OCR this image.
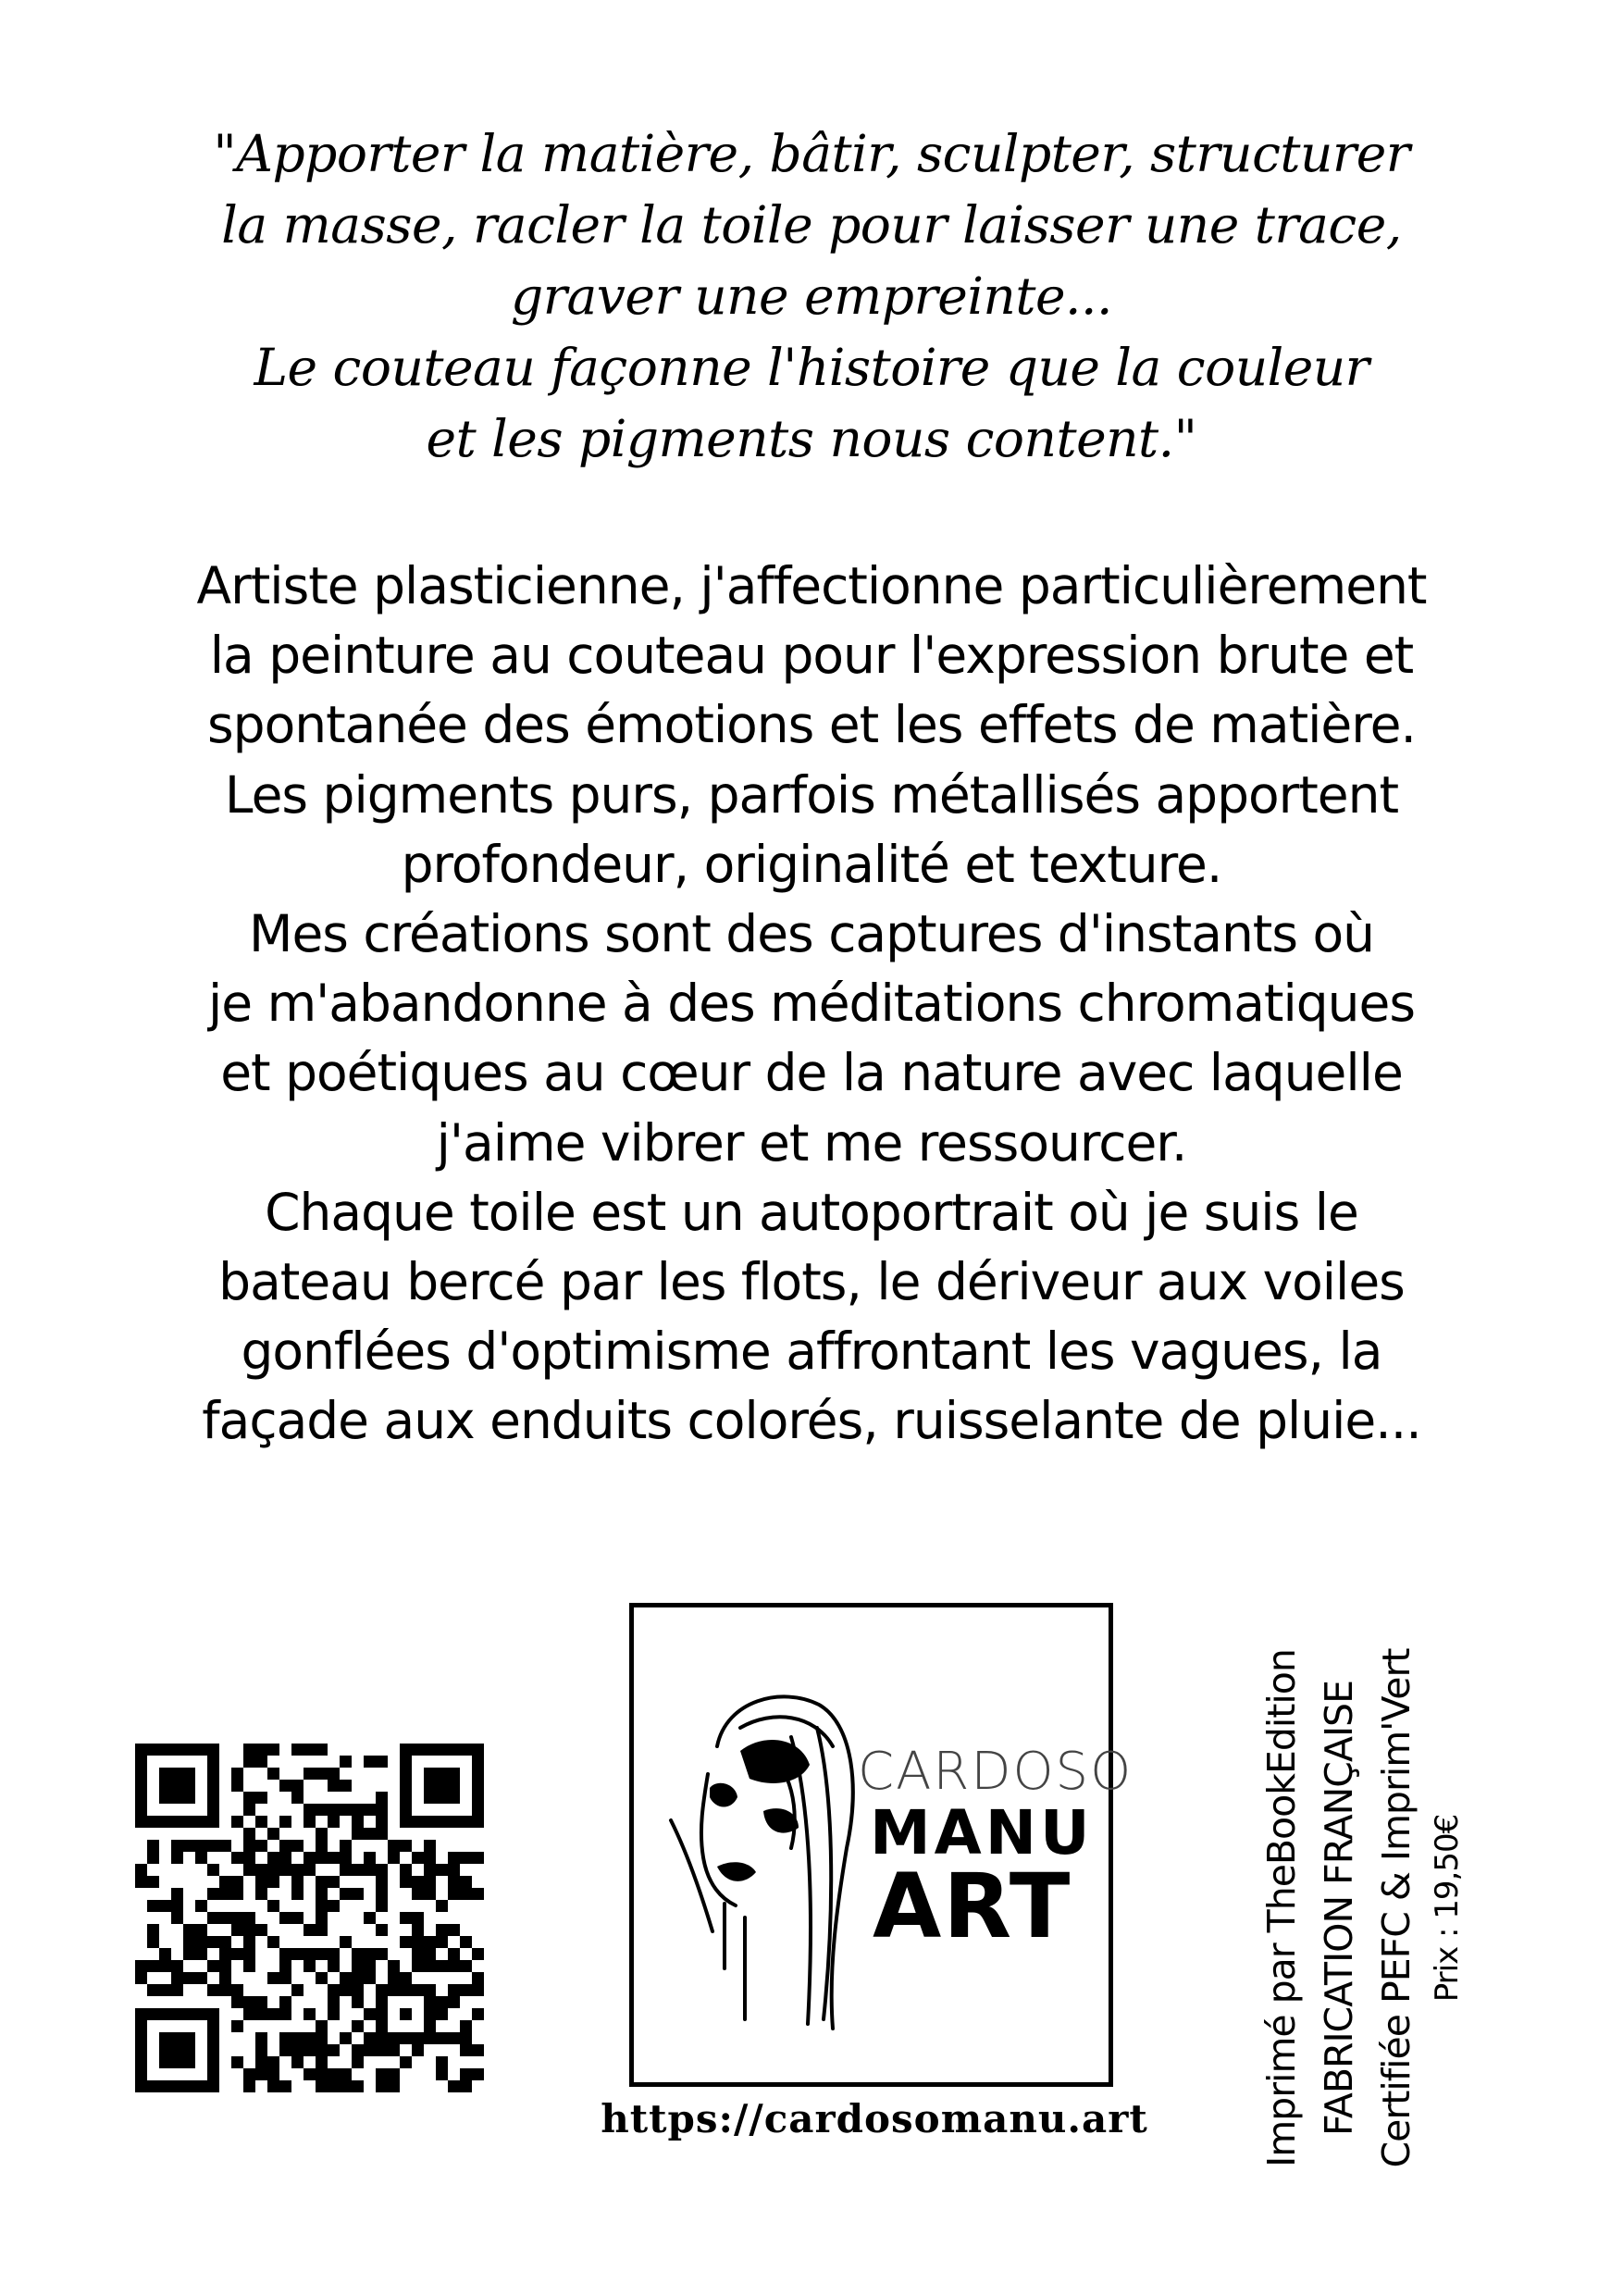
"Apporter la matière, bâtir, sculpter, structurer
la masse, racler la toile pour laisser une trace,
graver une empreinte...
Le couteau façonne l'histoire que la couleur
et les pigments nous content."
Artiste plasticienne, j'affectionne particulièrement
la peinture au couteau pour l'expression brute et
spontanée des émotions et les effets de matière.
Les pigments purs, parfois métallisés apportent
profondeur, originalité et texture.
Mes créations sont des captures d'instants où
je m'abandonne à des méditations chromatiques
et poétiques au cœur de la nature avec laquelle
j'aime vibrer et me ressourcer.
Chaque toile est un autoportrait où je suis le
bateau bercé par les flots, le dériveur aux voiles
gonflées d'optimisme affrontant les vagues, la
façade aux enduits colorés, ruisselante de pluie...
CARDOSO
MANU
ART
https://cardosomanu.art	Imprimé par TheBookEdition FABRICATION FRANÇAISE Certifiée PEFC & Imprim'Vert Prix : 19,50€
